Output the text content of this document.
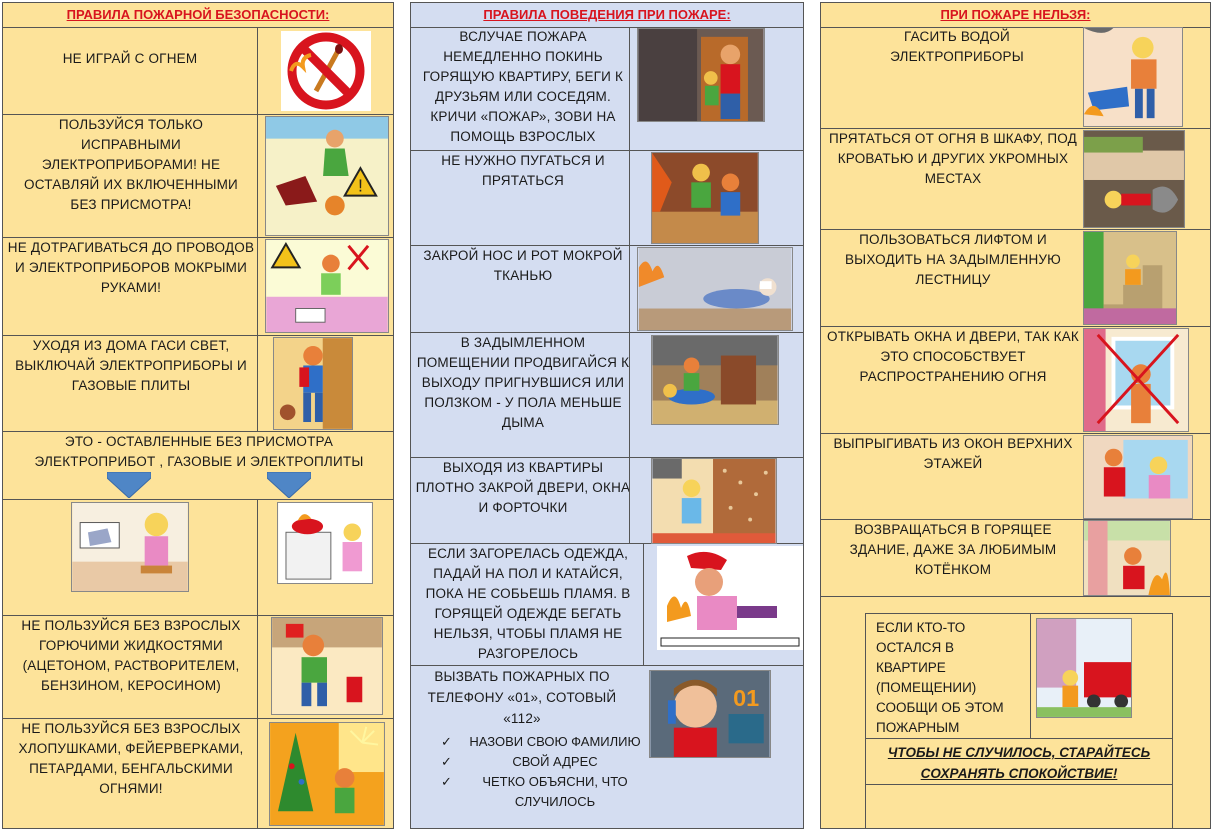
ПРАВИЛА ПОЖАРНОЙ БЕЗОПАСНОСТИ:
НЕ ИГРАЙ С ОГНЕМ
ПОЛЬЗУЙСЯ ТОЛЬКО ИСПРАВНЫМИ ЭЛЕКТРОПРИБОРАМИ! НЕ ОСТАВЛЯЙ ИХ ВКЛЮЧЕННЫМИ БЕЗ ПРИСМОТРА!
!
НЕ ДОТРАГИВАТЬСЯ ДО ПРОВОДОВ И ЭЛЕКТРОПРИБОРОВ МОКРЫМИ РУКАМИ!
УХОДЯ ИЗ ДОМА ГАСИ СВЕТ, ВЫКЛЮЧАЙ ЭЛЕКТРОПРИБОРЫ И ГАЗОВЫЕ ПЛИТЫ
ЭТО - ОСТАВЛЕННЫЕ БЕЗ ПРИСМОТРА ЭЛЕКТРОПРИБОТ , ГАЗОВЫЕ И ЭЛЕКТРОПЛИТЫ
НЕ ПОЛЬЗУЙСЯ БЕЗ ВЗРОСЛЫХ ГОРЮЧИМИ ЖИДКОСТЯМИ (АЦЕТОНОМ, РАСТВОРИТЕЛЕМ, БЕНЗИНОМ, КЕРОСИНОМ)
НЕ ПОЛЬЗУЙСЯ БЕЗ ВЗРОСЛЫХ ХЛОПУШКАМИ, ФЕЙЕРВЕРКАМИ, ПЕТАРДАМИ, БЕНГАЛЬСКИМИ ОГНЯМИ!
ПРАВИЛА ПОВЕДЕНИЯ ПРИ ПОЖАРЕ:
ВСЛУЧАЕ ПОЖАРА НЕМЕДЛЕННО ПОКИНЬ ГОРЯЩУЮ КВАРТИРУ, БЕГИ К ДРУЗЬЯМ ИЛИ СОСЕДЯМ. КРИЧИ «ПОЖАР», ЗОВИ НА ПОМОЩЬ ВЗРОСЛЫХ
НЕ НУЖНО ПУГАТЬСЯ И ПРЯТАТЬСЯ
ЗАКРОЙ НОС И РОТ МОКРОЙ ТКАНЬЮ
В ЗАДЫМЛЕННОМ ПОМЕЩЕНИИ ПРОДВИГАЙСЯ К ВЫХОДУ ПРИГНУВШИСЯ ИЛИ ПОЛЗКОМ - У ПОЛА МЕНЬШЕ ДЫМА
ВЫХОДЯ ИЗ КВАРТИРЫ ПЛОТНО ЗАКРОЙ ДВЕРИ, ОКНА И ФОРТОЧКИ
ЕСЛИ ЗАГОРЕЛАСЬ ОДЕЖДА, ПАДАЙ НА ПОЛ И КАТАЙСЯ, ПОКА НЕ СОБЬЕШЬ ПЛАМЯ. В ГОРЯЩЕЙ ОДЕЖДЕ БЕГАТЬ НЕЛЬЗЯ, ЧТОБЫ ПЛАМЯ НЕ РАЗГОРЕЛОСЬ
ВЫЗВАТЬ ПОЖАРНЫХ ПО ТЕЛЕФОНУ «01», СОТОВЫЙ «112»
✓ НАЗОВИ СВОЮ ФАМИЛИЮ
✓ СВОЙ АДРЕС
✓ ЧЕТКО ОБЪЯСНИ, ЧТО СЛУЧИЛОСЬ
01
ПРИ ПОЖАРЕ НЕЛЬЗЯ:
ГАСИТЬ ВОДОЙ ЭЛЕКТРОПРИБОРЫ
ПРЯТАТЬСЯ ОТ ОГНЯ В ШКАФУ, ПОД КРОВАТЬЮ И ДРУГИХ УКРОМНЫХ МЕСТАХ
ПОЛЬЗОВАТЬСЯ ЛИФТОМ И ВЫХОДИТЬ НА ЗАДЫМЛЕННУЮ ЛЕСТНИЦУ
ОТКРЫВАТЬ ОКНА И ДВЕРИ, ТАК КАК ЭТО СПОСОБСТВУЕТ РАСПРОСТРАНЕНИЮ ОГНЯ
ВЫПРЫГИВАТЬ ИЗ ОКОН ВЕРХНИХ ЭТАЖЕЙ
ВОЗВРАЩАТЬСЯ В ГОРЯЩЕЕ ЗДАНИЕ, ДАЖЕ ЗА ЛЮБИМЫМ КОТЁНКОМ
ЕСЛИ КТО-ТО ОСТАЛСЯ В КВАРТИРЕ (ПОМЕЩЕНИИ) СООБЩИ ОБ ЭТОМ ПОЖАРНЫМ
ЧТОБЫ НЕ СЛУЧИЛОСЬ, СТАРАЙТЕСЬ СОХРАНЯТЬ СПОКОЙСТВИЕ!
